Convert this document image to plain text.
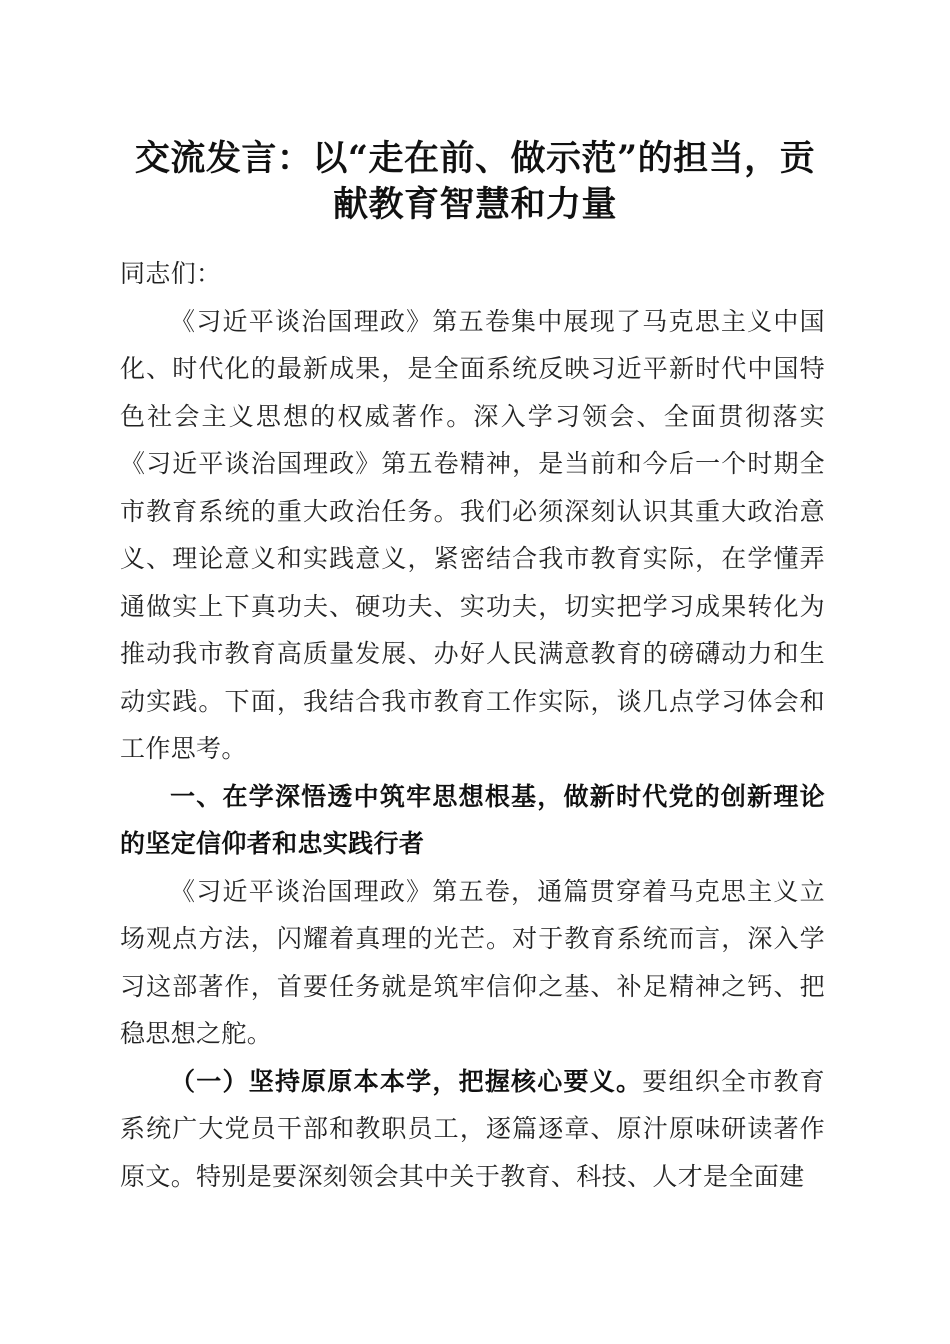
交流发言：以“走在前、做示范”的担当，贡
献教育智慧和力量

同志们：

《习近平谈治国理政》第五卷集中展现了马克思主义中国化、时代化的最新成果，是全面系统反映习近平新时代中国特色社会主义思想的权威著作。深入学习领会、全面贯彻落实《习近平谈治国理政》第五卷精神，是当前和今后一个时期全市教育系统的重大政治任务。我们必须深刻认识其重大政治意义、理论意义和实践意义，紧密结合我市教育实际，在学懂弄通做实上下真功夫、硬功夫、实功夫，切实把学习成果转化为推动我市教育高质量发展、办好人民满意教育的磅礴动力和生动实践。下面，我结合我市教育工作实际，谈几点学习体会和工作思考。

一、在学深悟透中筑牢思想根基，做新时代党的创新理论的坚定信仰者和忠实践行者

《习近平谈治国理政》第五卷，通篇贯穿着马克思主义立场观点方法，闪耀着真理的光芒。对于教育系统而言，深入学习这部著作，首要任务就是筑牢信仰之基、补足精神之钙、把稳思想之舵。

（一）坚持原原本本学，把握核心要义。要组织全市教育系统广大党员干部和教职员工，逐篇逐章、原汁原味研读著作原文。特别是要深刻领会其中关于教育、科技、人才是全面建
